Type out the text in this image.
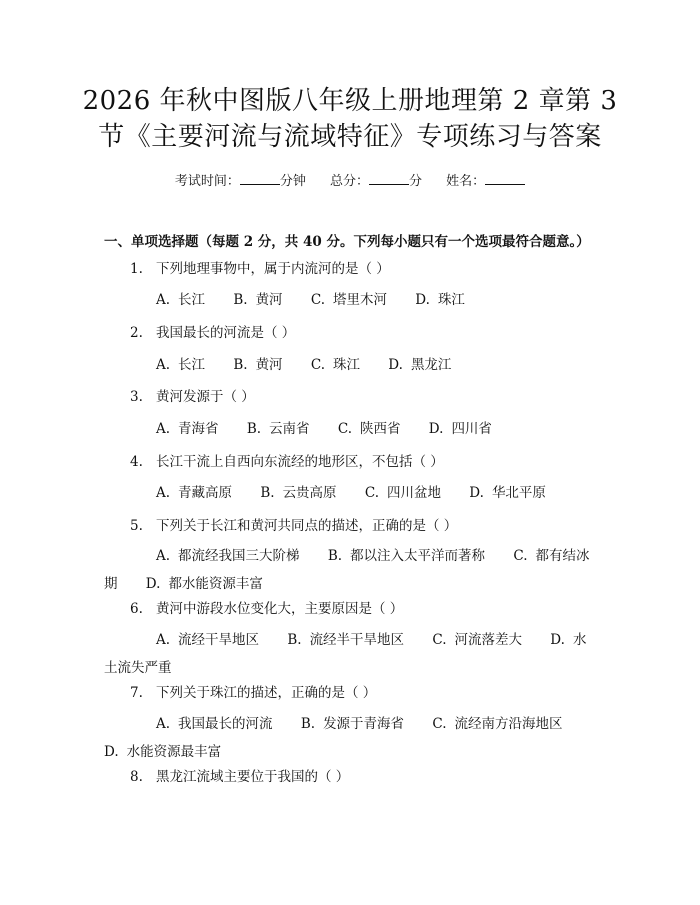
2026 年秋中图版八年级上册地理第 2 章第 3
节《主要河流与流域特征》专项练习与答案
考试时间：	分钟 总分：	分 姓名：
一、单项选择题（每题 2 分，共 40 分。下列每小题只有一个选项最符合题意。）
1. 下列地理事物中，属于内流河的是（ ）
A. 长江 B. 黄河 C. 塔里木河 D. 珠江
2. 我国最长的河流是（ ）
A. 长江 B. 黄河 C. 珠江 D. 黑龙江
3. 黄河发源于（ ）
A. 青海省 B. 云南省 C. 陕西省 D. 四川省
4. 长江干流上自西向东流经的地形区，不包括（ ）
A. 青藏高原 B. 云贵高原 C. 四川盆地 D. 华北平原
5. 下列关于长江和黄河共同点的描述，正确的是（ ）
A. 都流经我国三大阶梯 B. 都以注入太平洋而著称 C. 都有结冰期 D. 都水能资源丰富
6. 黄河中游段水位变化大，主要原因是（ ）
A. 流经干旱地区 B. 流经半干旱地区 C. 河流落差大 D. 水土流失严重
7. 下列关于珠江的描述，正确的是（ ）
A. 我国最长的河流 B. 发源于青海省 C. 流经南方沿海地区 D. 水能资源最丰富
8. 黑龙江流域主要位于我国的（ ）
